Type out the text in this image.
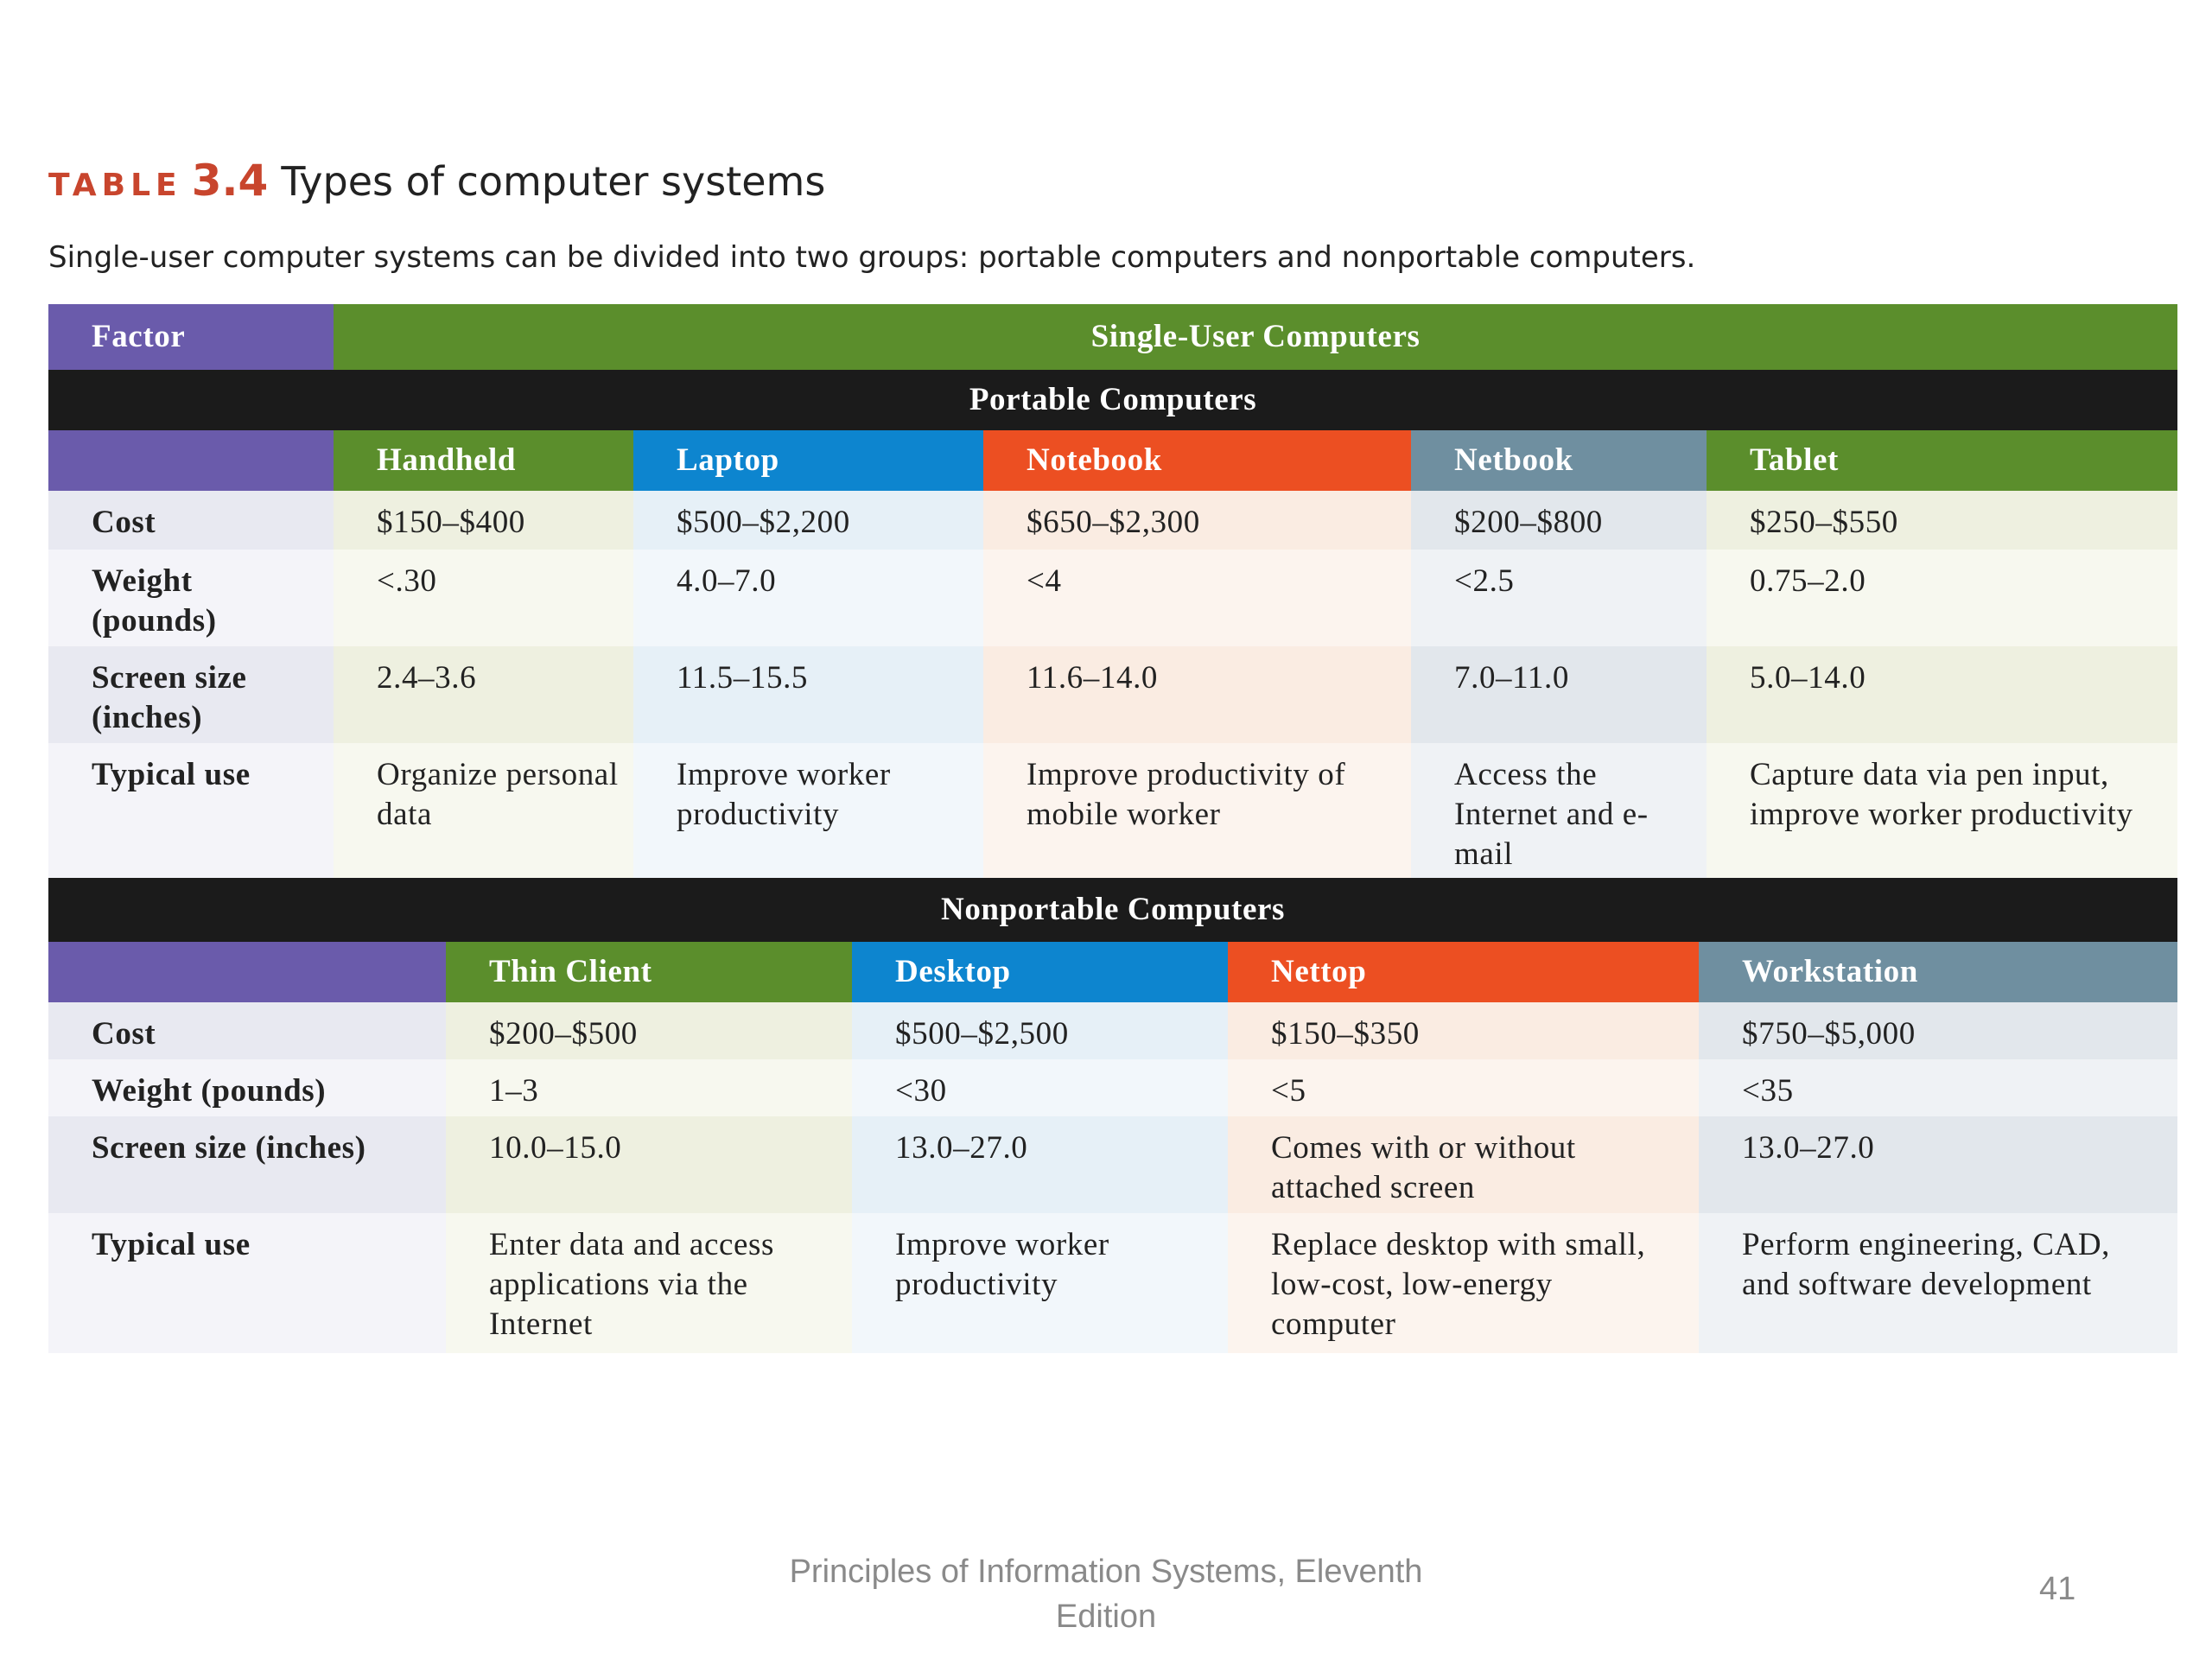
TABLE 3.4 Types of computer systems
Single-user computer systems can be divided into two groups: portable computers and nonportable computers.
Factor	Single-User Computers				
Portable Computers					
	Handheld	Laptop	Notebook	Netbook	Tablet
Cost	$150–$400	$500–$2,200	$650–$2,300	$200–$800	$250–$550
Weight (pounds)	<.30	4.0–7.0	<4	<2.5	0.75–2.0
Screen size (inches)	2.4–3.6	11.5–15.5	11.6–14.0	7.0–11.0	5.0–14.0
Typical use	Organize personal data	Improve worker productivity	Improve productivity of mobile worker	Access the Internet and e-mail	Capture data via pen input, improve worker productivity
Nonportable Computers				
	Thin Client	Desktop	Nettop	Workstation
Cost	$200–$500	$500–$2,500	$150–$350	$750–$5,000
Weight (pounds)	1–3	<30	<5	<35
Screen size (inches)	10.0–15.0	13.0–27.0	Comes with or without attached screen	13.0–27.0
Typical use	Enter data and access applications via the Internet	Improve worker productivity	Replace desktop with small, low-cost, low-energy computer	Perform engineering, CAD, and software development
Principles of Information Systems, Eleventh Edition
41
